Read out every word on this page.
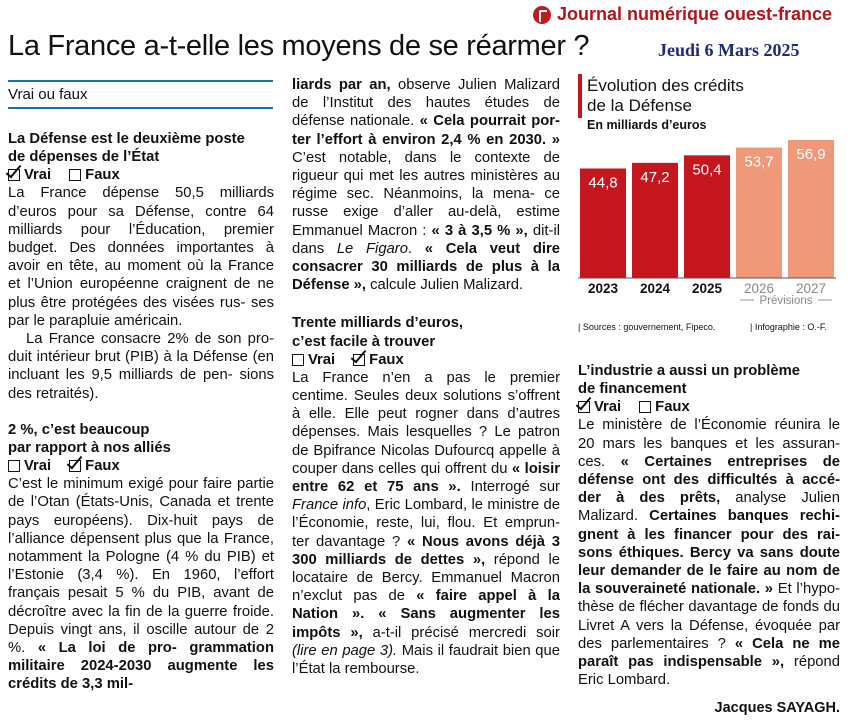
Journal numérique ouest-france
La France a-t-elle les moyens de se réarmer ?	Jeudi 6 Mars 2025
Vrai ou faux

La Défense est le deuxième poste
de dépenses de l’État

Vrai Faux

La France dépense 50,5 milliards d’euros pour sa Défense, contre 64 milliards pour l’Éducation, premier budget. Des données importantes à avoir en tête, au moment où la France et l’Union européenne craignent de ne plus être protégées des visées rus- ses par le parapluie américain.

La France consacre 2% de son pro- duit intérieur brut (PIB) à la Défense (en incluant les 9,5 milliards de pen- sions des retraités).

2 %, c’est beaucoup
par rapport à nos alliés

Vrai Faux

C’est le minimum exigé pour faire partie de l’Otan (États-Unis, Canada et trente pays européens). Dix-huit pays de l’alliance dépensent plus que la France, notamment la Pologne (4 % du PIB) et l’Estonie (3,4 %). En 1960, l’effort français pesait 5 % du PIB, avant de décroître avec la fin de la guerre froide. Depuis vingt ans, il oscille autour de 2 %. « La loi de pro- grammation militaire 2024-2030 augmente les crédits de 3,3 mil-

liards par an, observe Julien Malizard de l’Institut des hautes études de défense nationale. « Cela pourrait por- ter l’effort à environ 2,4 % en 2030. » C’est notable, dans le contexte de rigueur qui met les autres ministères au régime sec. Néanmoins, la mena- ce russe exige d’aller au-delà, estime Emmanuel Macron : « 3 à 3,5 % », dit-il dans Le Figaro. « Cela veut dire consacrer 30 milliards de plus à la Défense », calcule Julien Malizard.

Trente milliards d’euros,
c’est facile à trouver

Vrai Faux

La France n’en a pas le premier centime. Seules deux solutions s’offrent à elle. Elle peut rogner dans d’autres dépenses. Mais lesquelles ? Le patron de Bpifrance Nicolas Dufourcq appelle à couper dans celles qui offrent du « loisir entre 62 et 75 ans ». Interrogé sur France info, Eric Lombard, le ministre de l’Économie, reste, lui, flou. Et emprun- ter davantage ? « Nous avons déjà 3 300 milliards de dettes », répond le locataire de Bercy. Emmanuel Macron n’exclut pas de « faire appel à la Nation ». « Sans augmenter les impôts », a-t-il précisé mercredi soir (lire en page 3). Mais il faudrait bien que l’État la rembourse.

Évolution des crédits
de la Défense
En milliards d’euros
44,8
2023
47,2
2024
50,4
2025
53,7
2026
56,9
2027
Prévisions
| Sources : gouvernement, Fipeco.	| Infographie : O.-F.

L’industrie a aussi un problème
de financement

Vrai Faux

Le ministère de l’Économie réunira le 20 mars les banques et les assuran- ces. « Certaines entreprises de défense ont des difficultés à accé- der à des prêts, analyse Julien Malizard. Certaines banques rechi- gnent à les financer pour des rai- sons éthiques. Bercy va sans doute leur demander de le faire au nom de la souveraineté nationale. » Et l’hypo- thèse de flécher davantage de fonds du Livret A vers la Défense, évoquée par des parlementaires ? « Cela ne me paraît pas indispensable », répond Eric Lombard.

Jacques SAYAGH.
